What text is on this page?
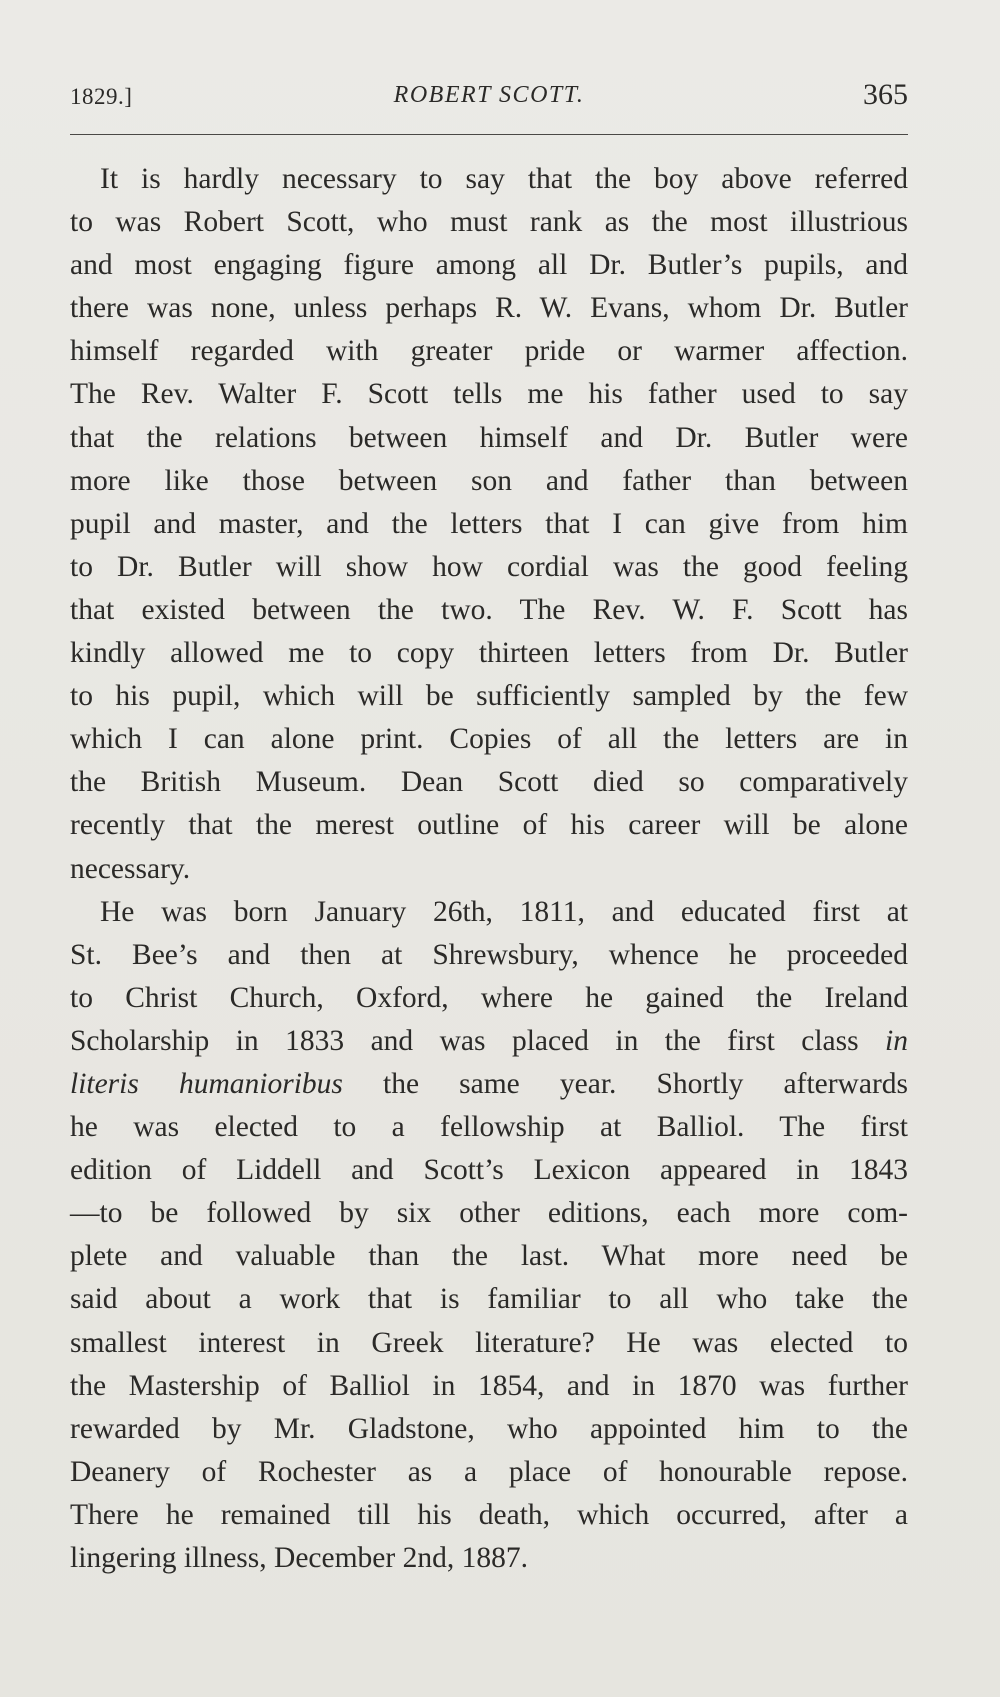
1829.]	ROBERT SCOTT.	365
It is hardly necessary to say that the boy above referred
to was Robert Scott, who must rank as the most illustrious
and most engaging figure among all Dr. Butler’s pupils, and
there was none, unless perhaps R. W. Evans, whom Dr. Butler
himself regarded with greater pride or warmer affection.
The Rev. Walter F. Scott tells me his father used to say
that the relations between himself and Dr. Butler were
more like those between son and father than between
pupil and master, and the letters that I can give from him
to Dr. Butler will show how cordial was the good feeling
that existed between the two. The Rev. W. F. Scott has
kindly allowed me to copy thirteen letters from Dr. Butler
to his pupil, which will be sufficiently sampled by the few
which I can alone print. Copies of all the letters are in
the British Museum. Dean Scott died so comparatively
recently that the merest outline of his career will be alone
necessary.
He was born January 26th, 1811, and educated first at
St. Bee’s and then at Shrewsbury, whence he proceeded
to Christ Church, Oxford, where he gained the Ireland
Scholarship in 1833 and was placed in the first class in
literis humanioribus the same year. Shortly afterwards
he was elected to a fellowship at Balliol. The first
edition of Liddell and Scott’s Lexicon appeared in 1843
—to be followed by six other editions, each more com-
plete and valuable than the last. What more need be
said about a work that is familiar to all who take the
smallest interest in Greek literature? He was elected to
the Mastership of Balliol in 1854, and in 1870 was further
rewarded by Mr. Gladstone, who appointed him to the
Deanery of Rochester as a place of honourable repose.
There he remained till his death, which occurred, after a
lingering illness, December 2nd, 1887.
